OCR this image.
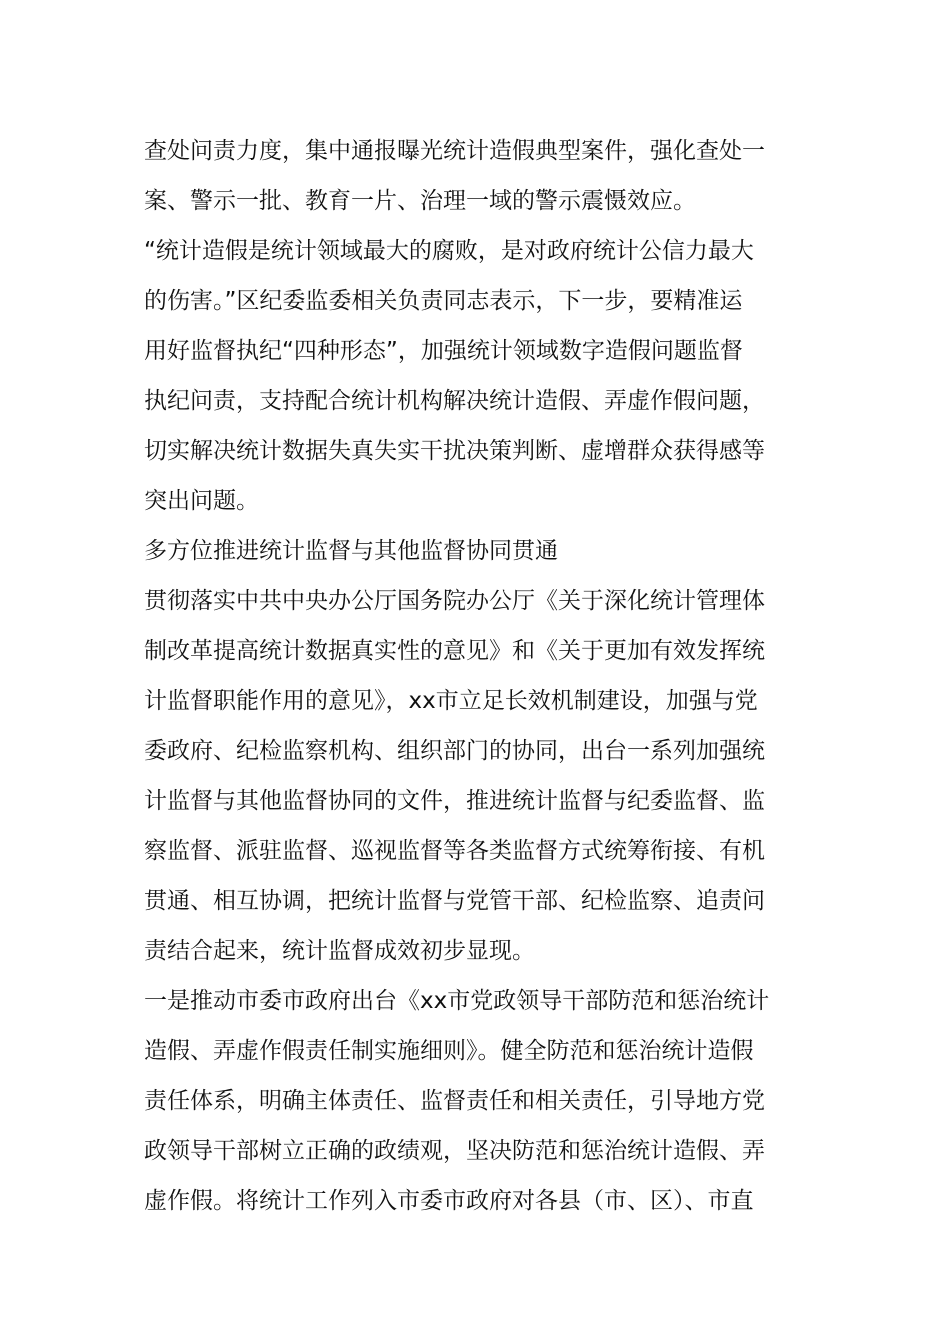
查处问责力度，集中通报曝光统计造假典型案件，强化查处一
案、警示一批、教育一片、治理一域的警示震慑效应。
“统计造假是统计领域最大的腐败，是对政府统计公信力最大
的伤害。”区纪委监委相关负责同志表示，下一步，要精准运
用好监督执纪“四种形态”，加强统计领域数字造假问题监督
执纪问责，支持配合统计机构解决统计造假、弄虚作假问题，
切实解决统计数据失真失实干扰决策判断、虚增群众获得感等
突出问题。
多方位推进统计监督与其他监督协同贯通
贯彻落实中共中央办公厅国务院办公厅《关于深化统计管理体
制改革提高统计数据真实性的意见》和《关于更加有效发挥统
计监督职能作用的意见》，xx市立足长效机制建设，加强与党
委政府、纪检监察机构、组织部门的协同，出台一系列加强统
计监督与其他监督协同的文件，推进统计监督与纪委监督、监
察监督、派驻监督、巡视监督等各类监督方式统筹衔接、有机
贯通、相互协调，把统计监督与党管干部、纪检监察、追责问
责结合起来，统计监督成效初步显现。
一是推动市委市政府出台《xx市党政领导干部防范和惩治统计
造假、弄虚作假责任制实施细则》。健全防范和惩治统计造假
责任体系，明确主体责任、监督责任和相关责任，引导地方党
政领导干部树立正确的政绩观，坚决防范和惩治统计造假、弄
虚作假。将统计工作列入市委市政府对各县（市、区）、市直
